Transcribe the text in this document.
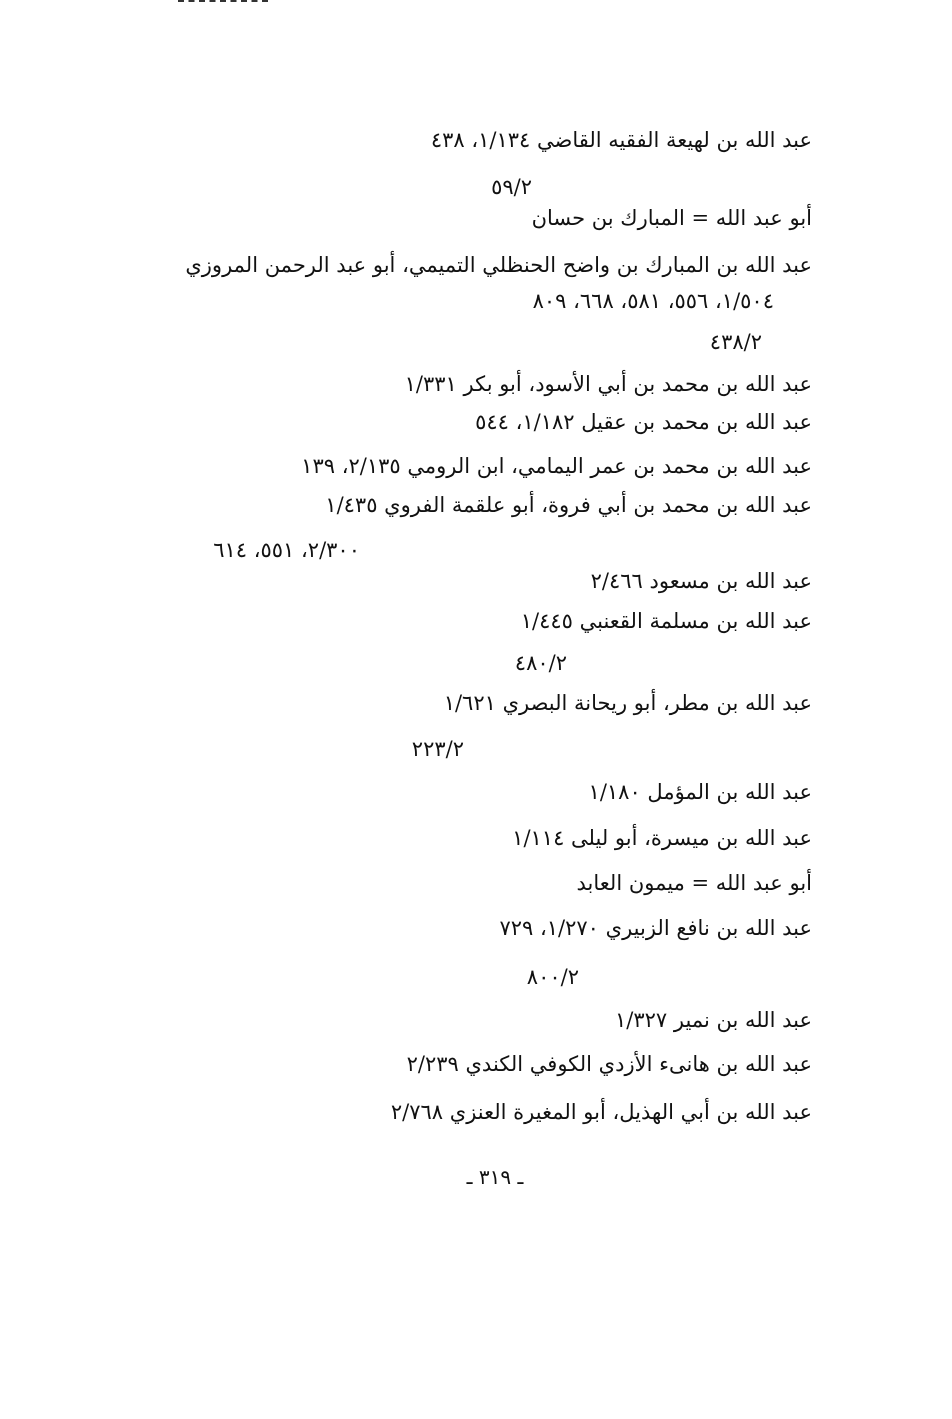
عبد الله بن لهيعة الفقيه القاضي ١/١٣٤، ٤٣٨
٥٩/٢
أبو عبد الله = المبارك بن حسان
عبد الله بن المبارك بن واضح الحنظلي التميمي، أبو عبد الرحمن المروزي
١/٥٠٤، ٥٥٦، ٥٨١، ٦٦٨، ٨٠٩
٤٣٨/٢
عبد الله بن محمد بن أبي الأسود، أبو بكر ١/٣٣١
عبد الله بن محمد بن عقيل ١/١٨٢، ٥٤٤
عبد الله بن محمد بن عمر اليمامي، ابن الرومي ٢/١٣٥، ١٣٩
عبد الله بن محمد بن أبي فروة، أبو علقمة الفروي ١/٤٣٥
٢/٣٠٠، ٥٥١، ٦١٤
عبد الله بن مسعود ٢/٤٦٦
عبد الله بن مسلمة القعنبي ١/٤٤٥
٤٨٠/٢
عبد الله بن مطر، أبو ريحانة البصري ١/٦٢١
٢٢٣/٢
عبد الله بن المؤمل ١/١٨٠
عبد الله بن ميسرة، أبو ليلى ١/١١٤
أبو عبد الله = ميمون العابد
عبد الله بن نافع الزبيري ١/٢٧٠، ٧٢٩
٨٠٠/٢
عبد الله بن نمير ١/٣٢٧
عبد الله بن هانىء الأزدي الكوفي الكندي ٢/٢٣٩
عبد الله بن أبي الهذيل، أبو المغيرة العنزي ٢/٧٦٨
ـ ٣١٩ ـ
